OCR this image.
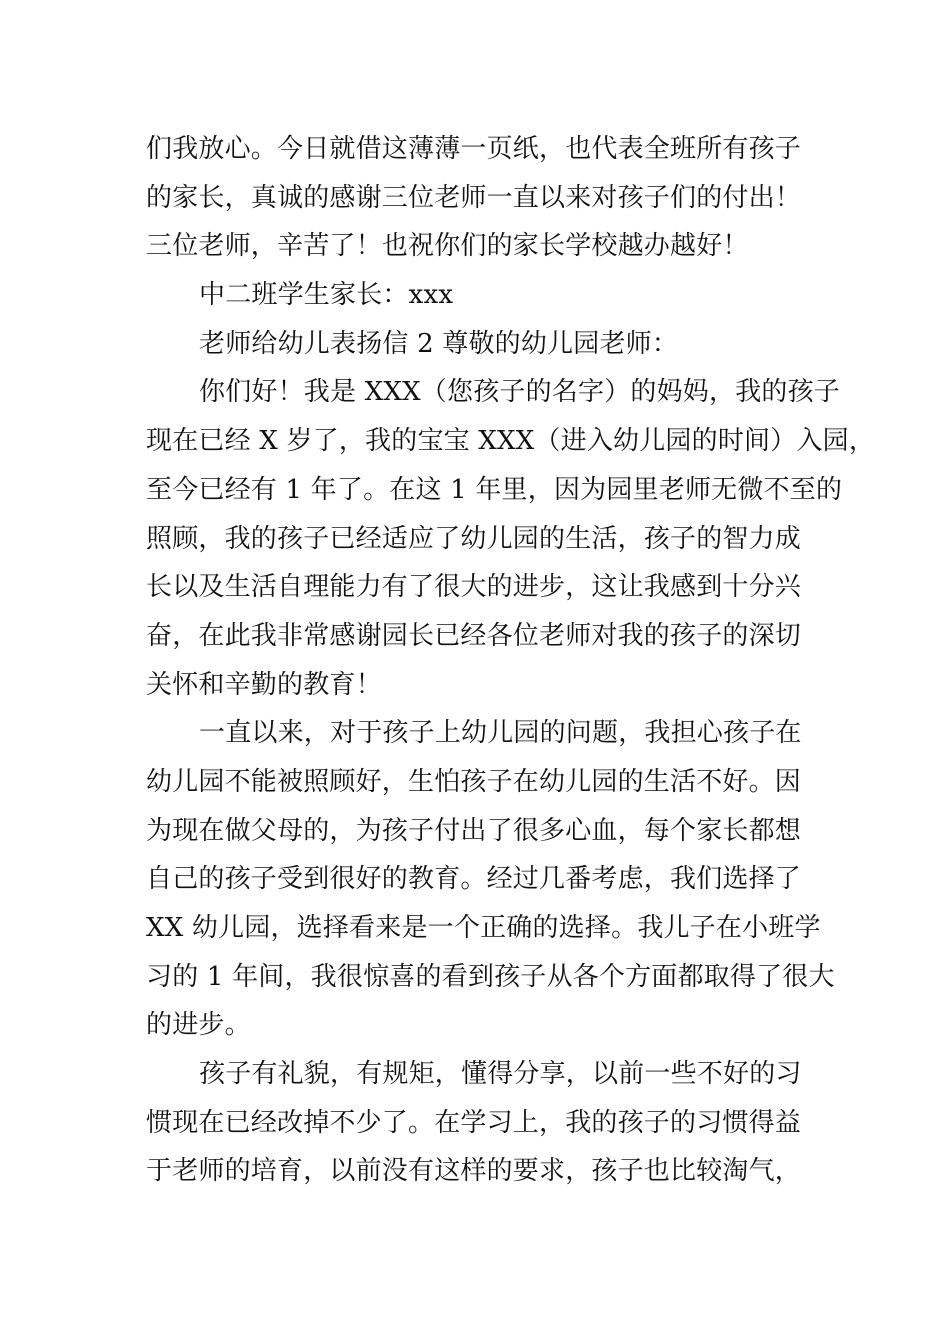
们我放心。今日就借这薄薄一页纸，也代表全班所有孩子
的家长，真诚的感谢三位老师一直以来对孩子们的付出！
三位老师，辛苦了！也祝你们的家长学校越办越好！
中二班学生家长：xxx
老师给幼儿表扬信 2 尊敬的幼儿园老师：
你们好！我是 XXX（您孩子的名字）的妈妈，我的孩子
现在已经 X 岁了，我的宝宝 XXX（进入幼儿园的时间）入园，
至今已经有 1 年了。在这 1 年里，因为园里老师无微不至的
照顾，我的孩子已经适应了幼儿园的生活，孩子的智力成
长以及生活自理能力有了很大的进步，这让我感到十分兴
奋，在此我非常感谢园长已经各位老师对我的孩子的深切
关怀和辛勤的教育！
一直以来，对于孩子上幼儿园的问题，我担心孩子在
幼儿园不能被照顾好，生怕孩子在幼儿园的生活不好。因
为现在做父母的，为孩子付出了很多心血，每个家长都想
自己的孩子受到很好的教育。经过几番考虑，我们选择了
XX 幼儿园，选择看来是一个正确的选择。我儿子在小班学
习的 1 年间，我很惊喜的看到孩子从各个方面都取得了很大
的进步。
孩子有礼貌，有规矩，懂得分享，以前一些不好的习
惯现在已经改掉不少了。在学习上，我的孩子的习惯得益
于老师的培育，以前没有这样的要求，孩子也比较淘气，
